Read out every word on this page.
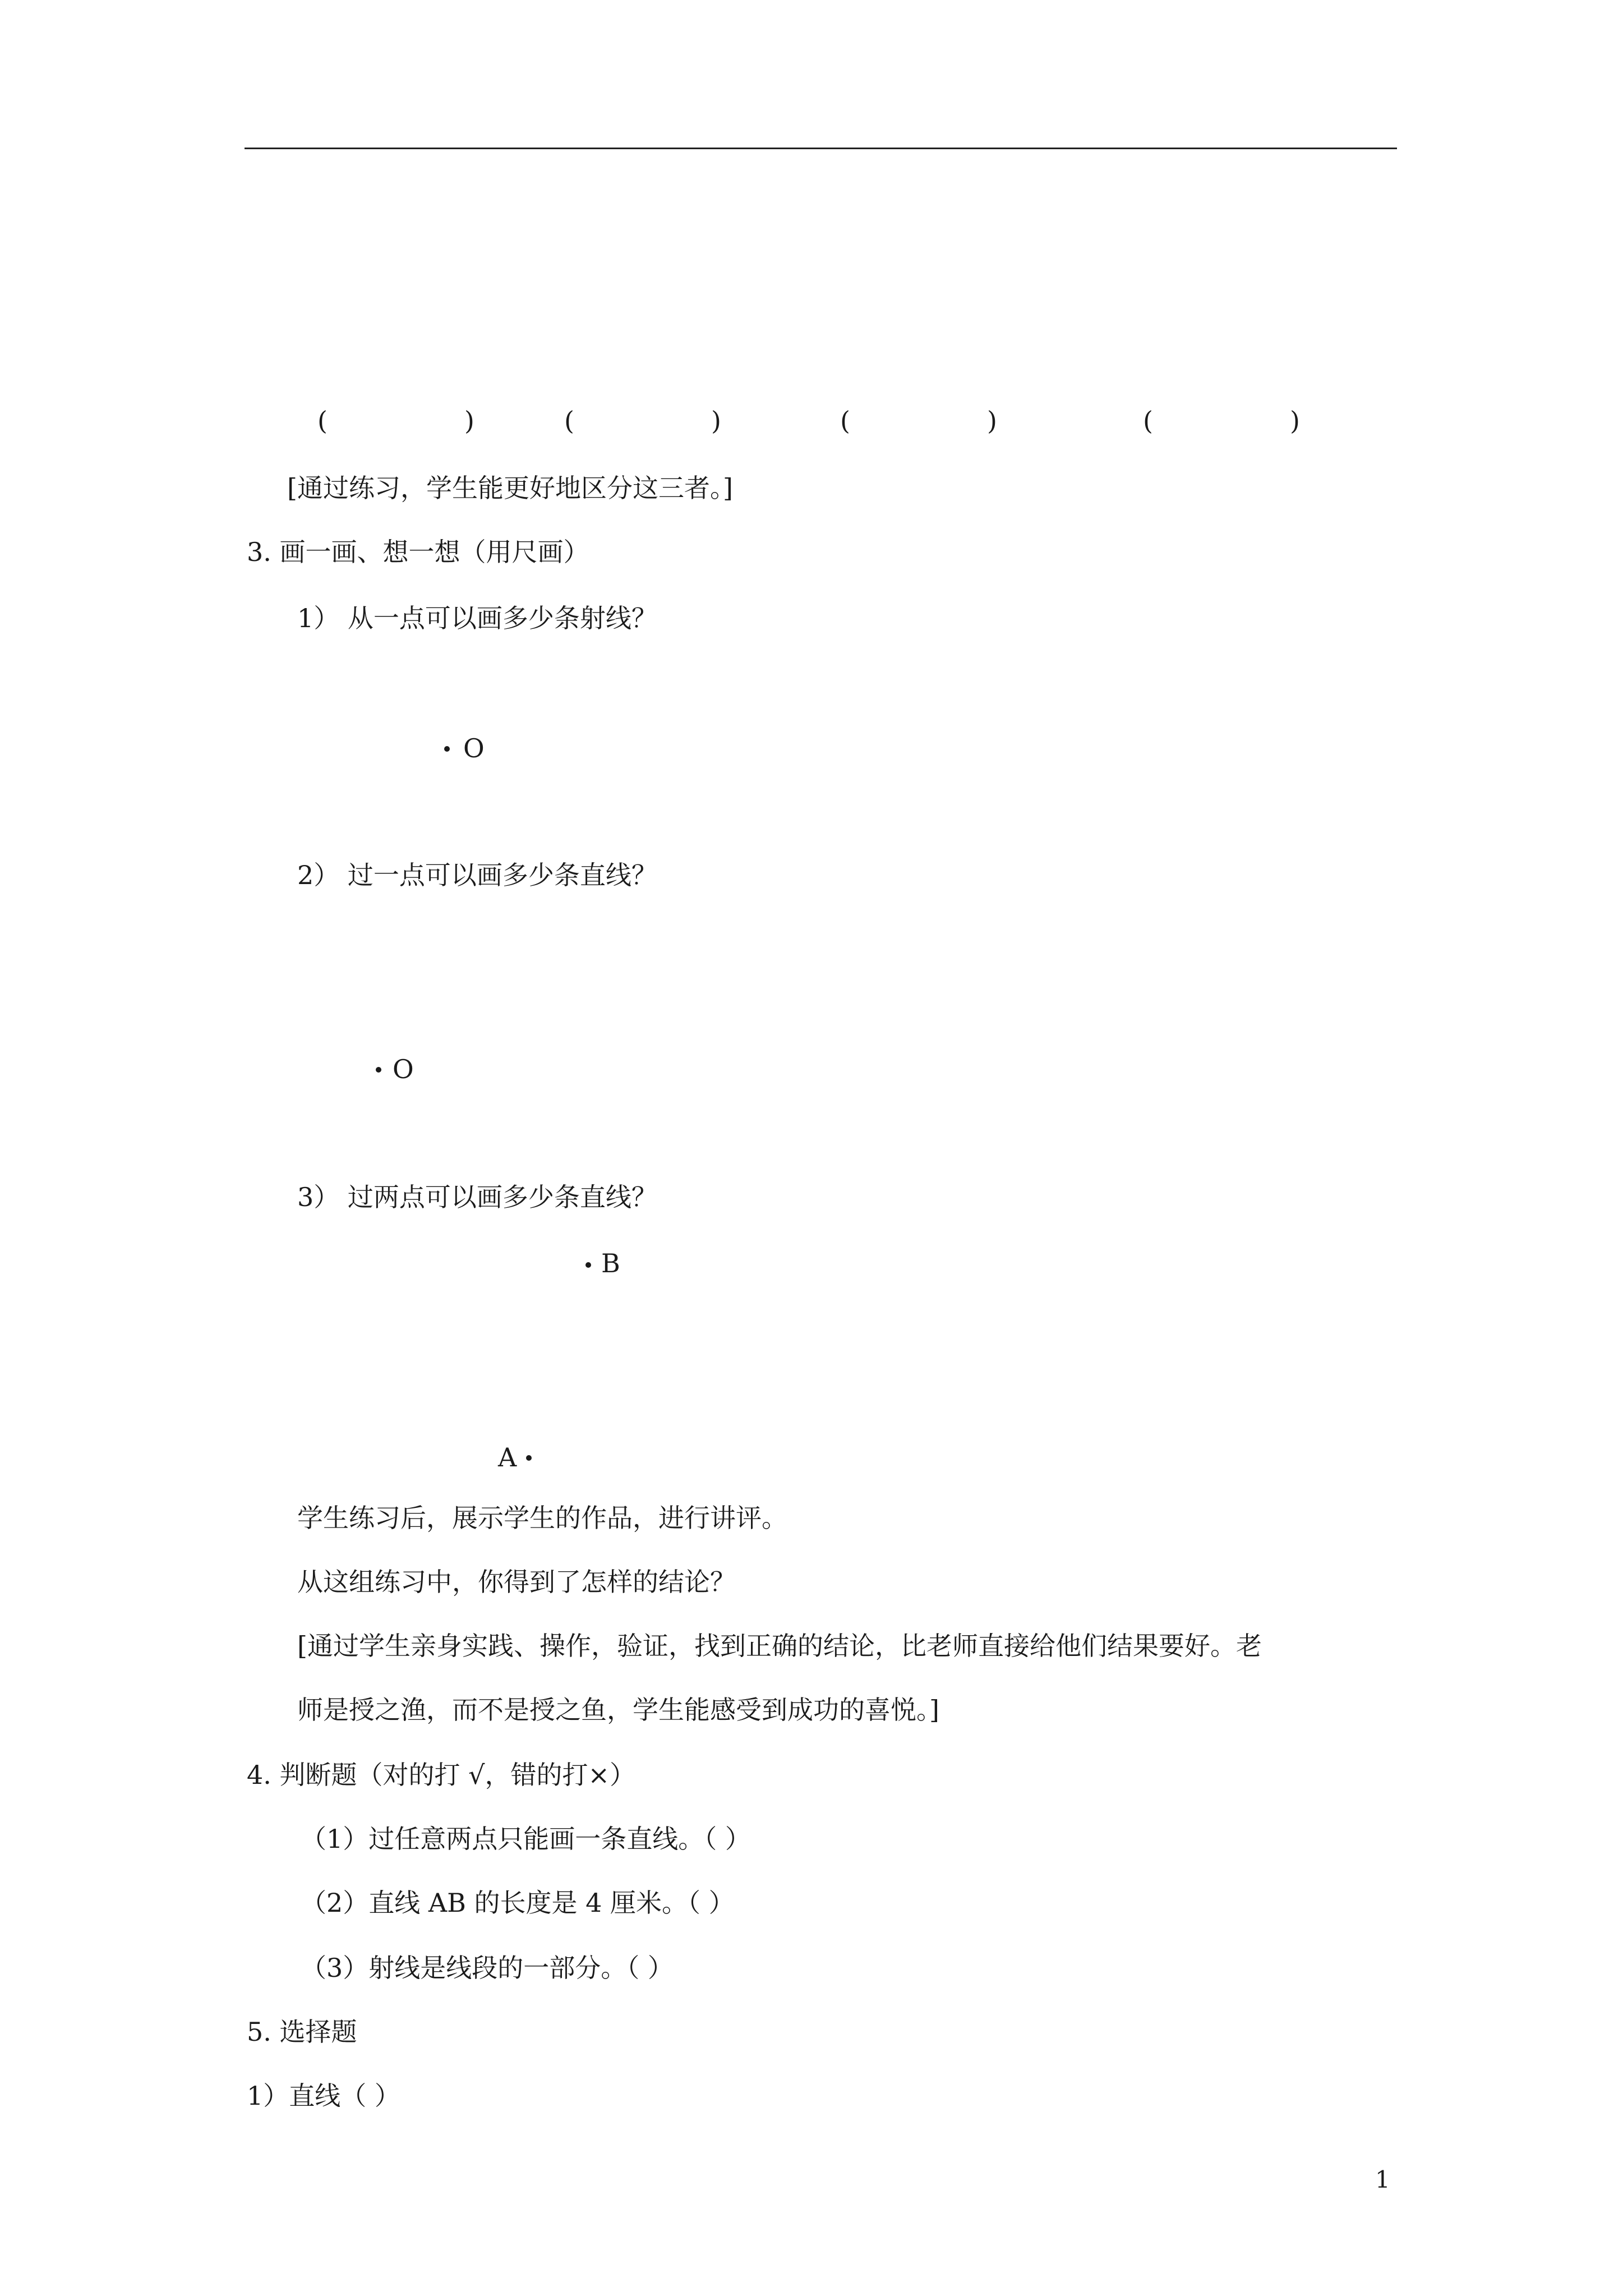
(	)	(	)	(	)	(	)
[通过练习，学生能更好地区分这三者。]
3. 画一画、想一想（用尺画）
1） 从一点可以画多少条射线？
O
2） 过一点可以画多少条直线？
O
3） 过两点可以画多少条直线？
B
A
学生练习后，展示学生的作品，进行讲评。
从这组练习中，你得到了怎样的结论？
[通过学生亲身实践、操作，验证，找到正确的结论，比老师直接给他们结果要好。老
师是授之渔，而不是授之鱼，学生能感受到成功的喜悦。]
4. 判断题（对的打 √，错的打×）
（1）过任意两点只能画一条直线。（ ）
（2）直线 AB 的长度是 4 厘米。（ ）
（3）射线是线段的一部分。（ ）
5. 选择题
1）直线（ ）
1
